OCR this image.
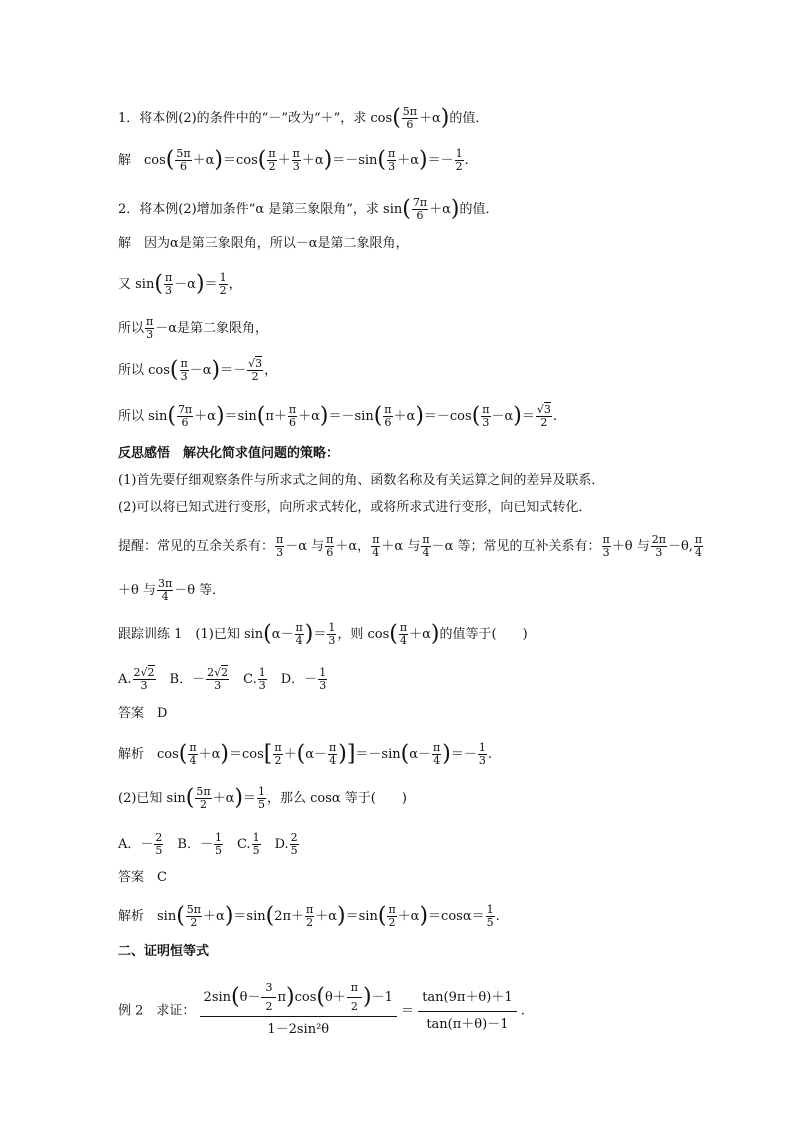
1．将本例(2)的条件中的“－”改为“＋”，求 $\cos( \frac{5\pi}{6} +\alpha)$的值．
解　$\cos( \frac{5\pi}{6} +\alpha)=\cos( \frac{\pi}{2} + \frac{\pi}{3} +\alpha)=-\sin( \frac{\pi}{3} +\alpha)=- \frac{1}{2}$ .
2．将本例(2)增加条件“α 是第三象限角”，求 $\sin( \frac{7\pi}{6} +\alpha)$的值．
解　因为α是第三象限角，所以－α是第二象限角，
又 $\sin( \frac{\pi}{3} -\alpha)= \frac{1}{2}$ ，
所以 $\frac{\pi}{3} -\alpha$是第二象限角，
所以 $\cos( \frac{\pi}{3} -\alpha)=- \frac{√3}{2}$ ，
所以 $\sin( \frac{7\pi}{6} +\alpha)=\sin(\pi+ \frac{\pi}{6} +\alpha)=-\sin( \frac{\pi}{6} +\alpha)=-\cos( \frac{\pi}{3} -\alpha)= \frac{√3}{2}$ .
反思感悟　解决化简求值问题的策略：
(1)首先要仔细观察条件与所求式之间的角、函数名称及有关运算之间的差异及联系．
(2)可以将已知式进行变形，向所求式转化，或将所求式进行变形，向已知式转化．
提醒：常见的互余关系有： $\frac{\pi}{3} -\alpha$ 与 $\frac{\pi}{6} +\alpha$， $\frac{\pi}{4} +\alpha$ 与 $\frac{\pi}{4} -\alpha$ 等；常见的互补关系有： $\frac{\pi}{3} +\theta$ 与 $\frac{2\pi}{3} -\theta$, $\frac{\pi}{4}$
＋θ 与 $\frac{3\pi}{4} -\theta$ 等．
跟踪训练 1　(1)已知 $\sin(\alpha- \frac{\pi}{4}$ )＝ $\frac{1}{3}$ ，则 $\cos( \frac{\pi}{4} +\alpha)$的值等于(　　)
A. $\frac{2√2}{3}$ 　B．－ $\frac{2√2}{3}$ 　C. $\frac{1}{3}$ 　D．－ $\frac{1}{3}$
答案　D
解析　$\cos( \frac{\pi}{4} +\alpha)=\cos[ \frac{\pi}{2} +(\alpha- \frac{\pi}{4} )]=-\sin(\alpha- \frac{\pi}{4}$ )＝－ $\frac{1}{3}$ .
(2)已知 $\sin( \frac{5\pi}{2} +\alpha)= \frac{1}{5}$ ，那么 cosα 等于(　　)
A．－ $\frac{2}{5}$ 　B．－ $\frac{1}{5}$ 　C. $\frac{1}{5}$ 　D. $\frac{2}{5}$
答案　C
解析　$\sin( \frac{5\pi}{2} +\alpha)=\sin(2\pi+ \frac{\pi}{2} +\alpha)=\sin( \frac{\pi}{2} +\alpha)=\cos\alpha= \frac{1}{5}$ .
二、证明恒等式
例 2　求证： $\frac{2\sin(\theta- \frac{3}{2} \pi)\cos(\theta+ \frac{\pi}{2} )-1}{\text{1－2sin²θ}} = \frac{\tan(9\pi+\theta)+1}{\tan(\pi+\theta)-1}$ .
